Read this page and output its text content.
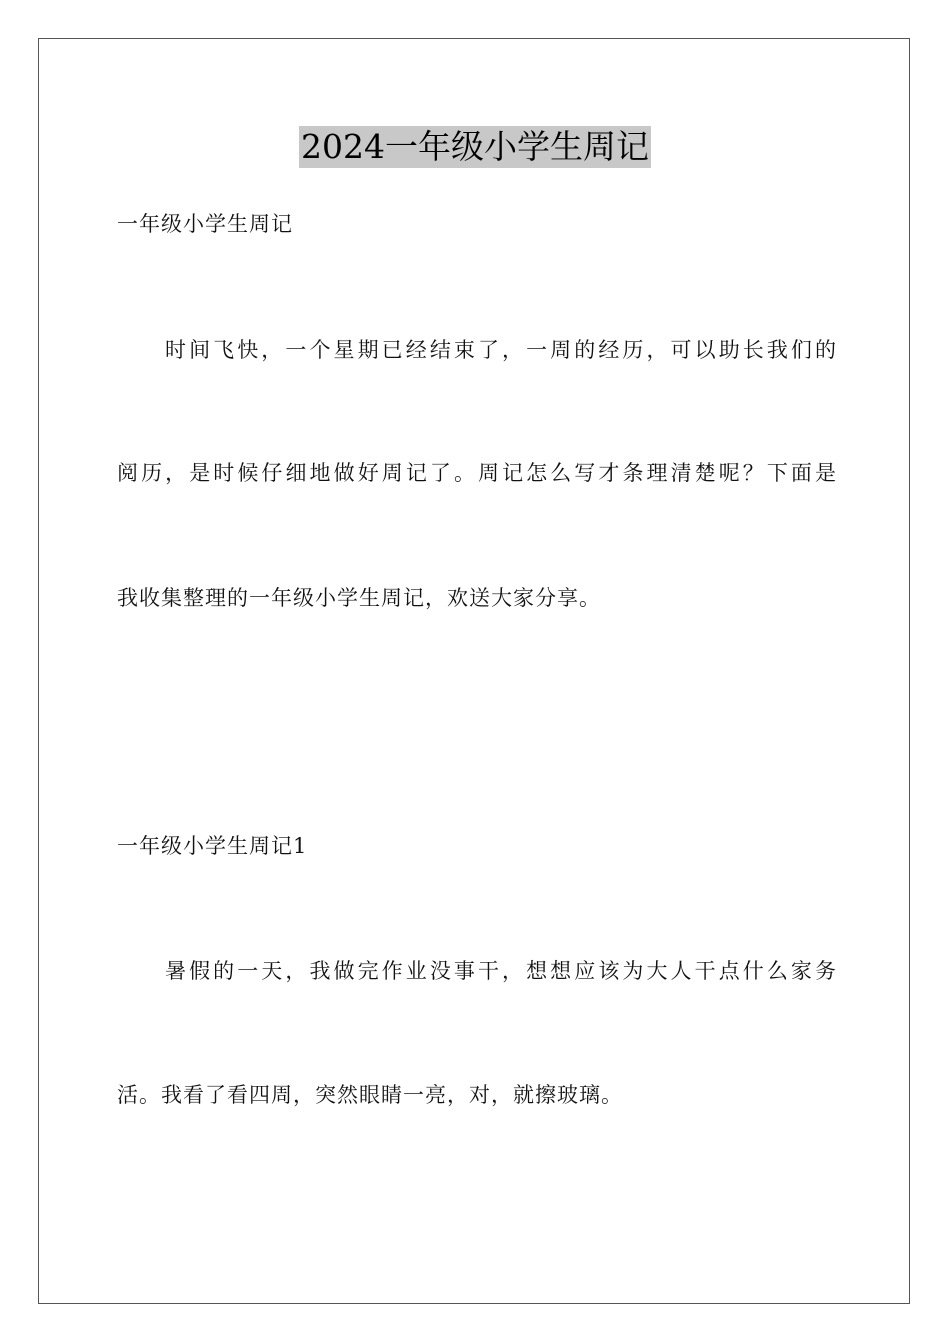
2024一年级小学生周记
一年级小学生周记
时间飞快，一个星期已经结束了，一周的经历，可以助长我们的
阅历，是时候仔细地做好周记了。周记怎么写才条理清楚呢？下面是
我收集整理的一年级小学生周记，欢送大家分享。
一年级小学生周记1
暑假的一天，我做完作业没事干，想想应该为大人干点什么家务
活。我看了看四周，突然眼睛一亮，对，就擦玻璃。
